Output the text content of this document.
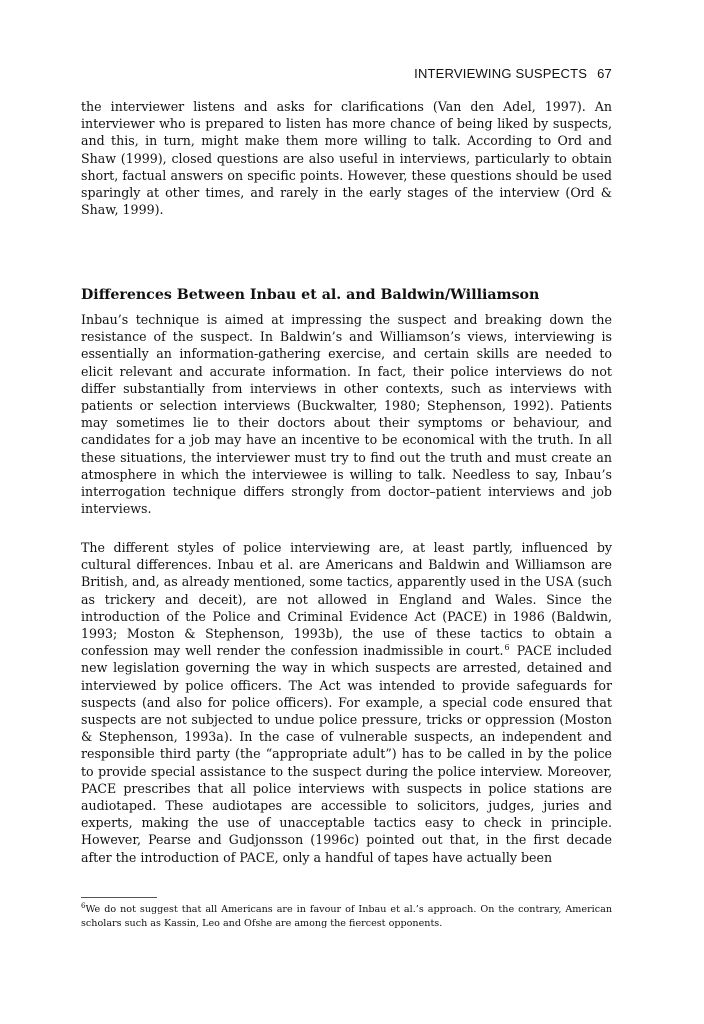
INTERVIEWING SUSPECTS 67

the interviewer listens and asks for clarifications (Van den Adel, 1997). An interviewer who is prepared to listen has more chance of being liked by suspects, and this, in turn, might make them more willing to talk. According to Ord and Shaw (1999), closed questions are also useful in interviews, particularly to obtain short, factual answers on specific points. However, these questions should be used sparingly at other times, and rarely in the early stages of the interview (Ord & Shaw, 1999).

Differences Between Inbau et al. and Baldwin/Williamson

Inbau’s technique is aimed at impressing the suspect and breaking down the resistance of the suspect. In Baldwin’s and Williamson’s views, interviewing is essentially an information-gathering exercise, and certain skills are needed to elicit relevant and accurate information. In fact, their police interviews do not differ substantially from interviews in other contexts, such as interviews with patients or selection interviews (Buckwalter, 1980; Stephenson, 1992). Patients may sometimes lie to their doctors about their symptoms or behaviour, and candidates for a job may have an incentive to be economical with the truth. In all these situations, the interviewer must try to find out the truth and must create an atmosphere in which the interviewee is willing to talk. Needless to say, Inbau’s interrogation technique differs strongly from doctor–patient interviews and job interviews.

The different styles of police interviewing are, at least partly, influenced by cultural differences. Inbau et al. are Americans and Baldwin and Williamson are British, and, as already mentioned, some tactics, apparently used in the USA (such as trickery and deceit), are not allowed in England and Wales. Since the introduction of the Police and Criminal Evidence Act (PACE) in 1986 (Baldwin, 1993; Moston & Stephenson, 1993b), the use of these tactics to obtain a confession may well render the confession inadmissible in court.$^6$ PACE included new legislation governing the way in which suspects are arrested, detained and interviewed by police officers. The Act was intended to provide safeguards for suspects (and also for police officers). For example, a special code ensured that suspects are not subjected to undue police pressure, tricks or oppression (Moston & Stephenson, 1993a). In the case of vulnerable suspects, an independent and responsible third party (the “appropriate adult”) has to be called in by the police to provide special assistance to the suspect during the police interview. Moreover, PACE prescribes that all police interviews with suspects in police stations are audiotaped. These audiotapes are accessible to solicitors, judges, juries and experts, making the use of unacceptable tactics easy to check in principle. However, Pearse and Gudjonsson (1996c) pointed out that, in the first decade after the introduction of PACE, only a handful of tapes have actually been

$^6$We do not suggest that all Americans are in favour of Inbau et al.’s approach. On the contrary, American scholars such as Kassin, Leo and Ofshe are among the fiercest opponents.
